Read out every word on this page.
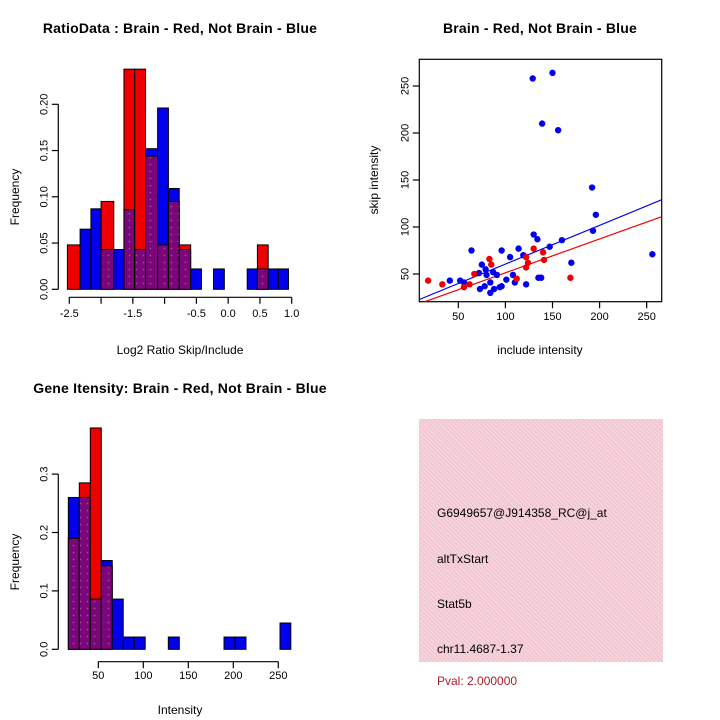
RatioData : Brain - Red, Not Brain - Blue
Frequency
Log2 Ratio Skip/Include
-2.5	-1.5	-0.5 0.0 0.5 1.0
0.00
0.05
0.10
0.15
0.20
Brain - Red, Not Brain - Blue
skip intensity
include intensity
50	100	150	200	250
50
100
150
200
250
Gene Itensity: Brain - Red, Not Brain - Blue
Frequency
Intensity
50	100 150 200 250
0.0
0.1
0.2
0.3
G6949657@J914358_RC@j_at
altTxStart
Stat5b
chr11.4687-1.37
Pval: 2.000000
